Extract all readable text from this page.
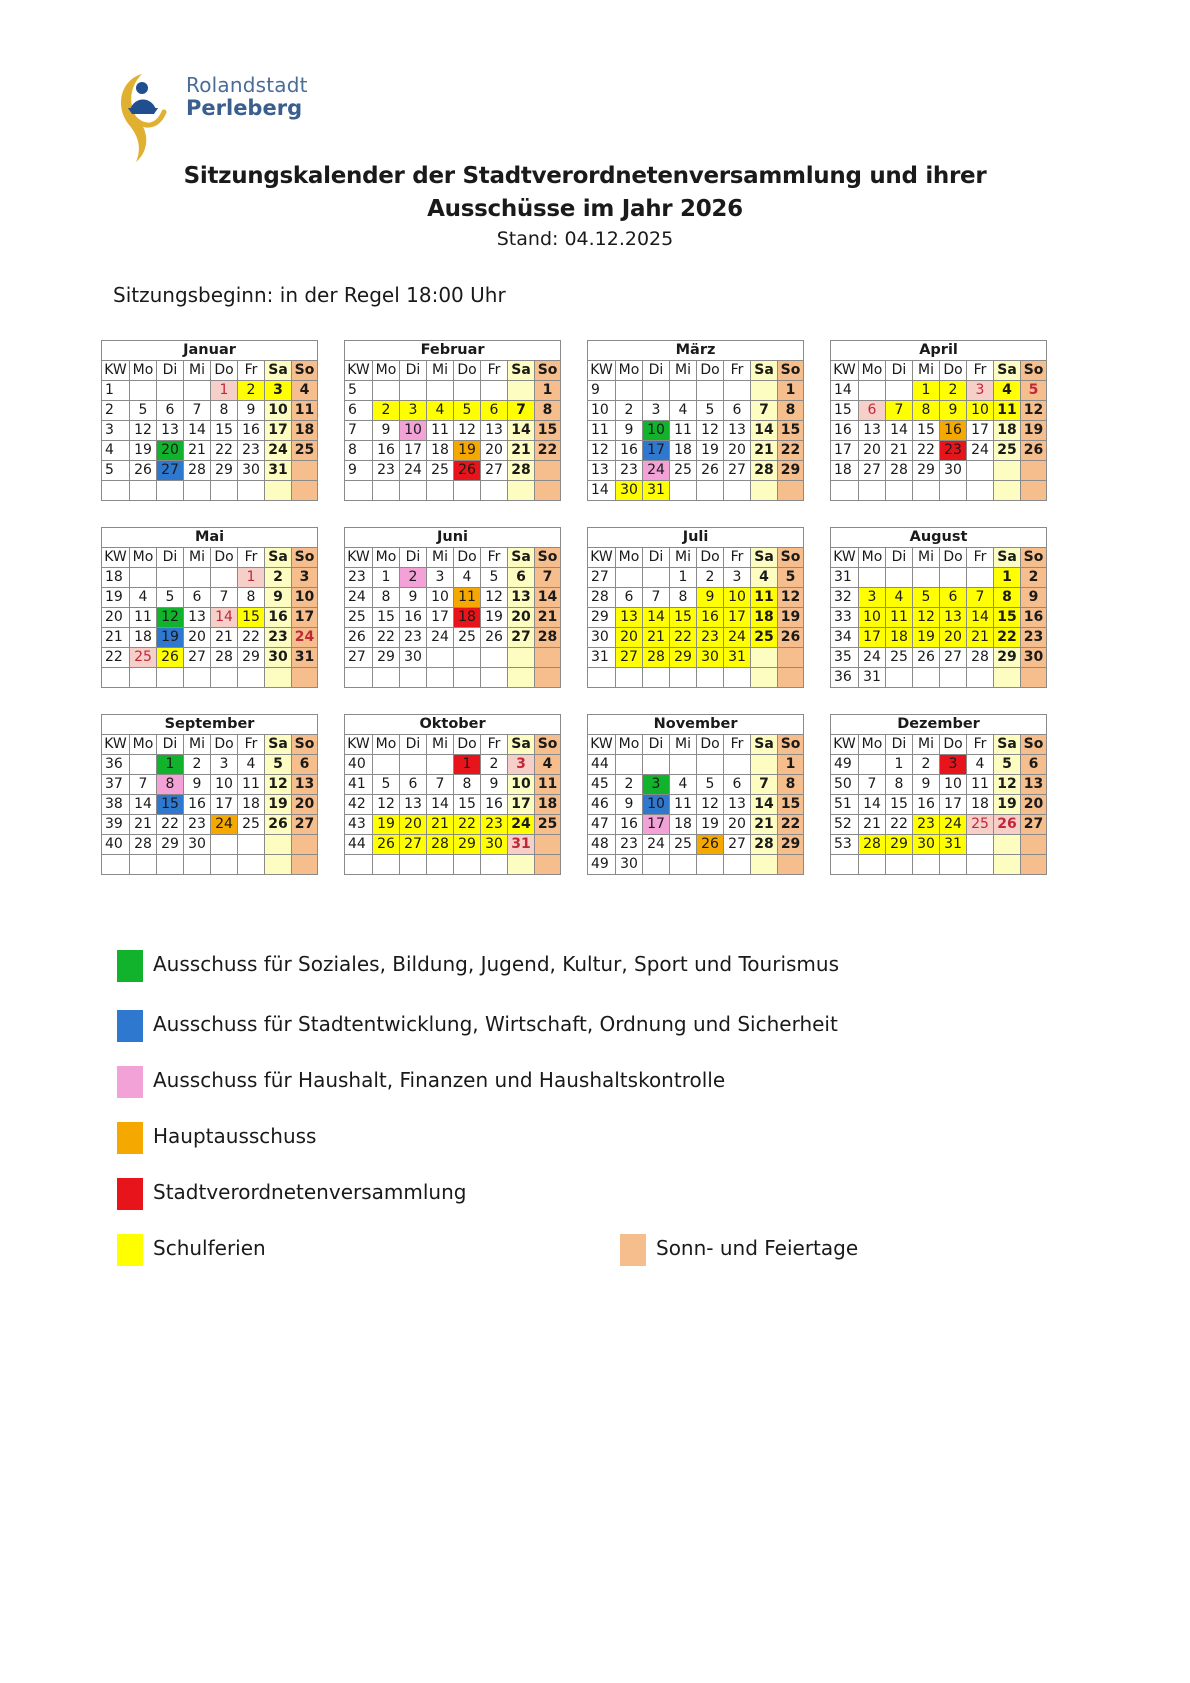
Rolandstadt
Perleberg
Sitzungskalender der Stadtverordnetenversammlung und ihrer
Ausschüsse im Jahr 2026
Stand: 04.12.2025
Sitzungsbeginn: in der Regel 18:00 Uhr
Januar							
KW	Mo	Di	Mi	Do	Fr	Sa	So
1				1	2	3	4
2	5	6	7	8	9	10	11
3	12	13	14	15	16	17	18
4	19	20	21	22	23	24	25
5	26	27	28	29	30	31	

Februar							
KW	Mo	Di	Mi	Do	Fr	Sa	So
5							1
6	2	3	4	5	6	7	8
7	9	10	11	12	13	14	15
8	16	17	18	19	20	21	22
9	23	24	25	26	27	28	

März							
KW	Mo	Di	Mi	Do	Fr	Sa	So
9							1
10	2	3	4	5	6	7	8
11	9	10	11	12	13	14	15
12	16	17	18	19	20	21	22
13	23	24	25	26	27	28	29
14	30	31					
April							
KW	Mo	Di	Mi	Do	Fr	Sa	So
14			1	2	3	4	5
15	6	7	8	9	10	11	12
16	13	14	15	16	17	18	19
17	20	21	22	23	24	25	26
18	27	28	29	30			

Mai							
KW	Mo	Di	Mi	Do	Fr	Sa	So
18					1	2	3
19	4	5	6	7	8	9	10
20	11	12	13	14	15	16	17
21	18	19	20	21	22	23	24
22	25	26	27	28	29	30	31

Juni							
KW	Mo	Di	Mi	Do	Fr	Sa	So
23	1	2	3	4	5	6	7
24	8	9	10	11	12	13	14
25	15	16	17	18	19	20	21
26	22	23	24	25	26	27	28
27	29	30					

Juli							
KW	Mo	Di	Mi	Do	Fr	Sa	So
27			1	2	3	4	5
28	6	7	8	9	10	11	12
29	13	14	15	16	17	18	19
30	20	21	22	23	24	25	26
31	27	28	29	30	31		

August							
KW	Mo	Di	Mi	Do	Fr	Sa	So
31						1	2
32	3	4	5	6	7	8	9
33	10	11	12	13	14	15	16
34	17	18	19	20	21	22	23
35	24	25	26	27	28	29	30
36	31						
September							
KW	Mo	Di	Mi	Do	Fr	Sa	So
36		1	2	3	4	5	6
37	7	8	9	10	11	12	13
38	14	15	16	17	18	19	20
39	21	22	23	24	25	26	27
40	28	29	30				

Oktober							
KW	Mo	Di	Mi	Do	Fr	Sa	So
40				1	2	3	4
41	5	6	7	8	9	10	11
42	12	13	14	15	16	17	18
43	19	20	21	22	23	24	25
44	26	27	28	29	30	31	

November							
KW	Mo	Di	Mi	Do	Fr	Sa	So
44							1
45	2	3	4	5	6	7	8
46	9	10	11	12	13	14	15
47	16	17	18	19	20	21	22
48	23	24	25	26	27	28	29
49	30						
Dezember							
KW	Mo	Di	Mi	Do	Fr	Sa	So
49		1	2	3	4	5	6
50	7	8	9	10	11	12	13
51	14	15	16	17	18	19	20
52	21	22	23	24	25	26	27
53	28	29	30	31			

Ausschuss für Soziales, Bildung, Jugend, Kultur, Sport und Tourismus
Ausschuss für Stadtentwicklung, Wirtschaft, Ordnung und Sicherheit
Ausschuss für Haushalt, Finanzen und Haushaltskontrolle
Hauptausschuss
Stadtverordnetenversammlung
Schulferien	Sonn- und Feiertage
